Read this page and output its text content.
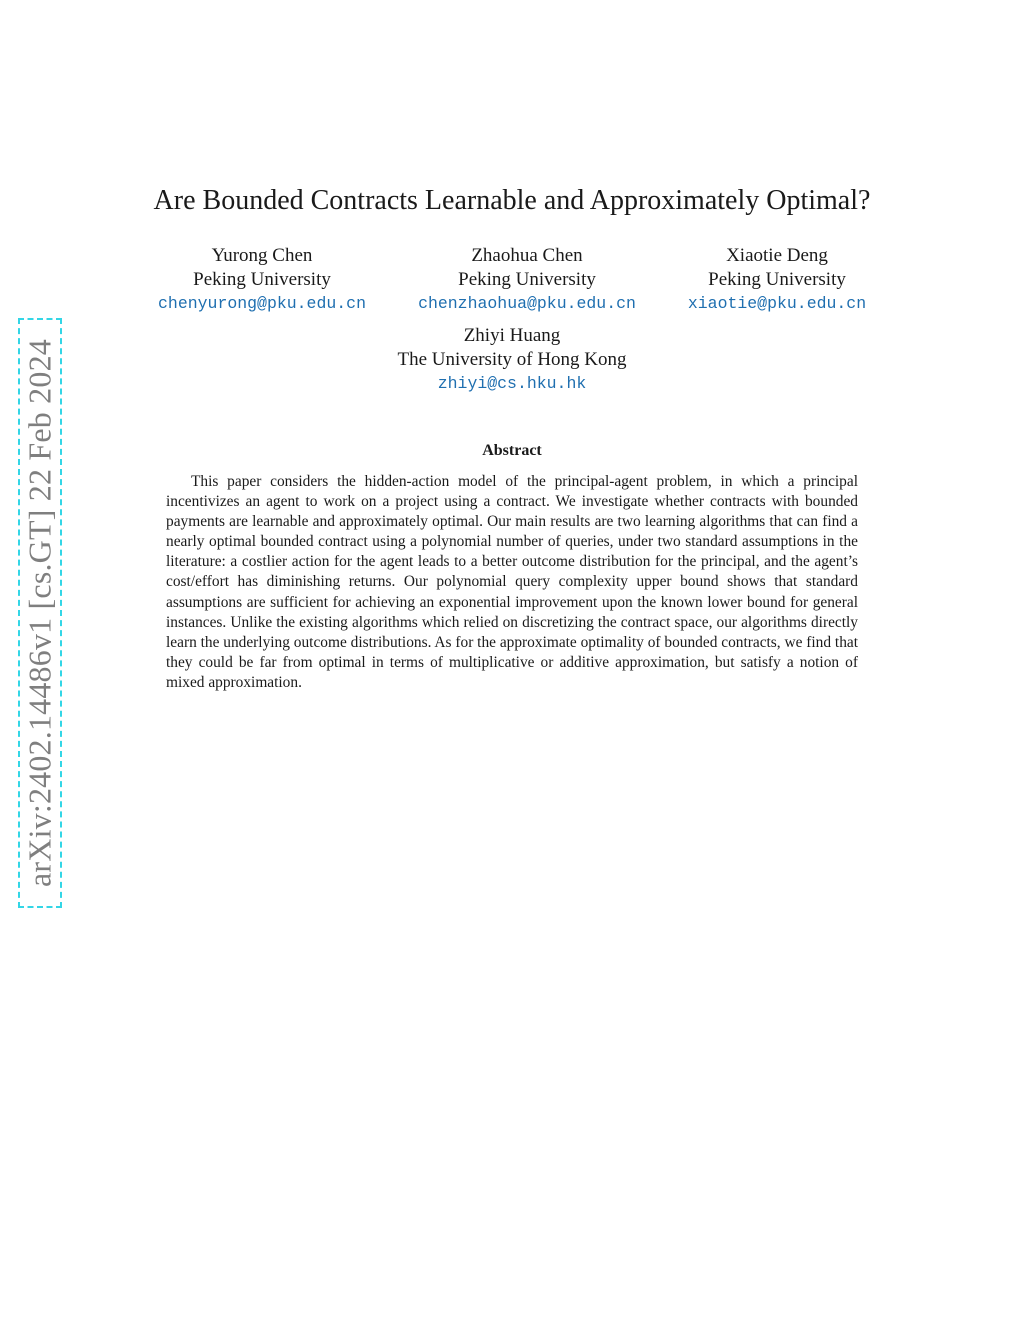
arXiv:2402.14486v1 [cs.GT] 22 Feb 2024
Are Bounded Contracts Learnable and Approximately Optimal?
Yurong Chen
Peking University
chenyurong@pku.edu.cn
Zhaohua Chen
Peking University
chenzhaohua@pku.edu.cn
Xiaotie Deng
Peking University
xiaotie@pku.edu.cn
Zhiyi Huang
The University of Hong Kong
zhiyi@cs.hku.hk
Abstract

This paper considers the hidden-action model of the principal-agent problem, in which a principal incentivizes an agent to work on a project using a contract. We investigate whether contracts with bounded payments are learnable and approximately optimal. Our main results are two learning algorithms that can find a nearly optimal bounded contract using a polynomial number of queries, under two standard assumptions in the literature: a costlier action for the agent leads to a better outcome distribution for the principal, and the agent’s cost/effort has diminishing returns. Our polynomial query complexity upper bound shows that standard assumptions are sufficient for achieving an exponential improvement upon the known lower bound for general instances. Unlike the existing algorithms which relied on discretizing the contract space, our algorithms directly learn the underlying outcome distributions. As for the approximate optimality of bounded contracts, we find that they could be far from optimal in terms of multiplicative or additive approximation, but satisfy a notion of mixed approximation.
